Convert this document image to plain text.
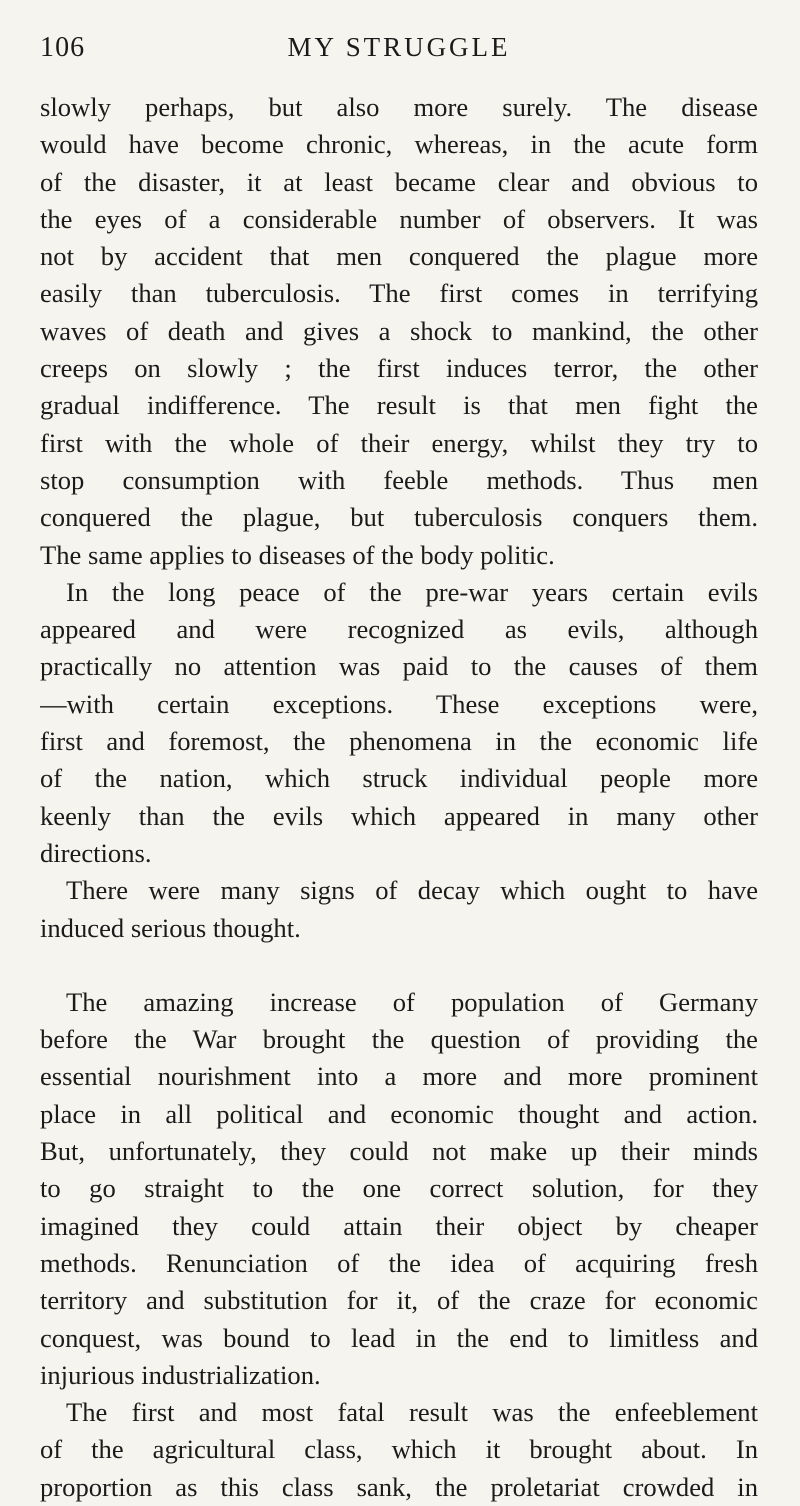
106	MY STRUGGLE
slowly perhaps, but also more surely. The disease
would have become chronic, whereas, in the acute form
of the disaster, it at least became clear and obvious to
the eyes of a considerable number of observers. It was
not by accident that men conquered the plague more
easily than tuberculosis. The first comes in terrifying
waves of death and gives a shock to mankind, the other
creeps on slowly ; the first induces terror, the other
gradual indifference. The result is that men fight the
first with the whole of their energy, whilst they try to
stop consumption with feeble methods. Thus men
conquered the plague, but tuberculosis conquers them.
The same applies to diseases of the body politic.
In the long peace of the pre-war years certain evils
appeared and were recognized as evils, although
practically no attention was paid to the causes of them
—with certain exceptions. These exceptions were,
first and foremost, the phenomena in the economic life
of the nation, which struck individual people more
keenly than the evils which appeared in many other
directions.
There were many signs of decay which ought to have
induced serious thought.
The amazing increase of population of Germany
before the War brought the question of providing the
essential nourishment into a more and more prominent
place in all political and economic thought and action.
But, unfortunately, they could not make up their minds
to go straight to the one correct solution, for they
imagined they could attain their object by cheaper
methods. Renunciation of the idea of acquiring fresh
territory and substitution for it, of the craze for economic
conquest, was bound to lead in the end to limitless and
injurious industrialization.
The first and most fatal result was the enfeeblement
of the agricultural class, which it brought about. In
proportion as this class sank, the proletariat crowded in
